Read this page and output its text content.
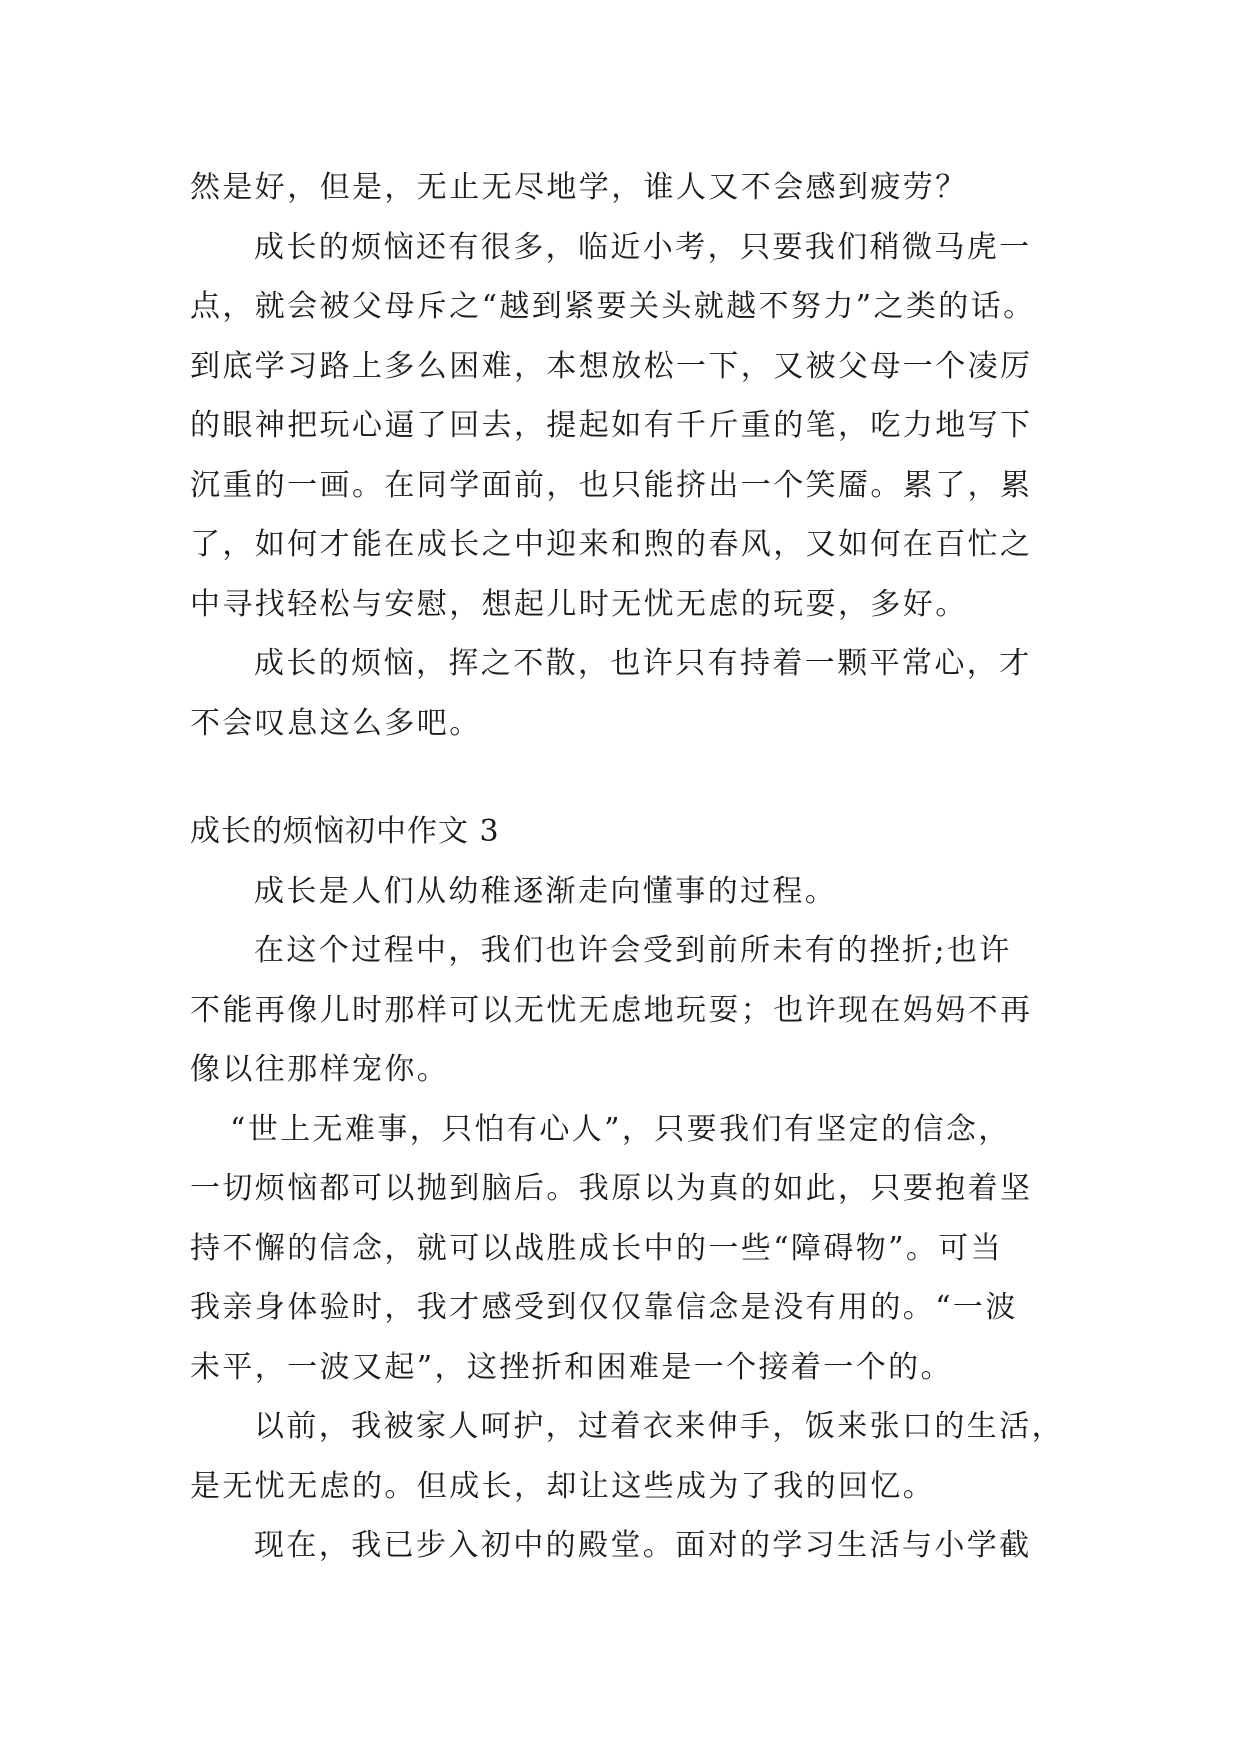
然是好，但是，无止无尽地学，谁人又不会感到疲劳？
成长的烦恼还有很多，临近小考，只要我们稍微马虎一
点，就会被父母斥之“越到紧要关头就越不努力”之类的话。
到底学习路上多么困难，本想放松一下，又被父母一个凌厉
的眼神把玩心逼了回去，提起如有千斤重的笔，吃力地写下
沉重的一画。在同学面前，也只能挤出一个笑靥。累了，累
了，如何才能在成长之中迎来和煦的春风，又如何在百忙之
中寻找轻松与安慰，想起儿时无忧无虑的玩耍，多好。
成长的烦恼，挥之不散，也许只有持着一颗平常心，才
不会叹息这么多吧。
成长的烦恼初中作文 3
成长是人们从幼稚逐渐走向懂事的过程。
在这个过程中，我们也许会受到前所未有的挫折;也许
不能再像儿时那样可以无忧无虑地玩耍；也许现在妈妈不再
像以往那样宠你。
“世上无难事，只怕有心人”，只要我们有坚定的信念，
一切烦恼都可以抛到脑后。我原以为真的如此，只要抱着坚
持不懈的信念，就可以战胜成长中的一些“障碍物”。可当
我亲身体验时，我才感受到仅仅靠信念是没有用的。“一波
未平，一波又起”，这挫折和困难是一个接着一个的。
以前，我被家人呵护，过着衣来伸手，饭来张口的生活，
是无忧无虑的。但成长，却让这些成为了我的回忆。
现在，我已步入初中的殿堂。面对的学习生活与小学截
